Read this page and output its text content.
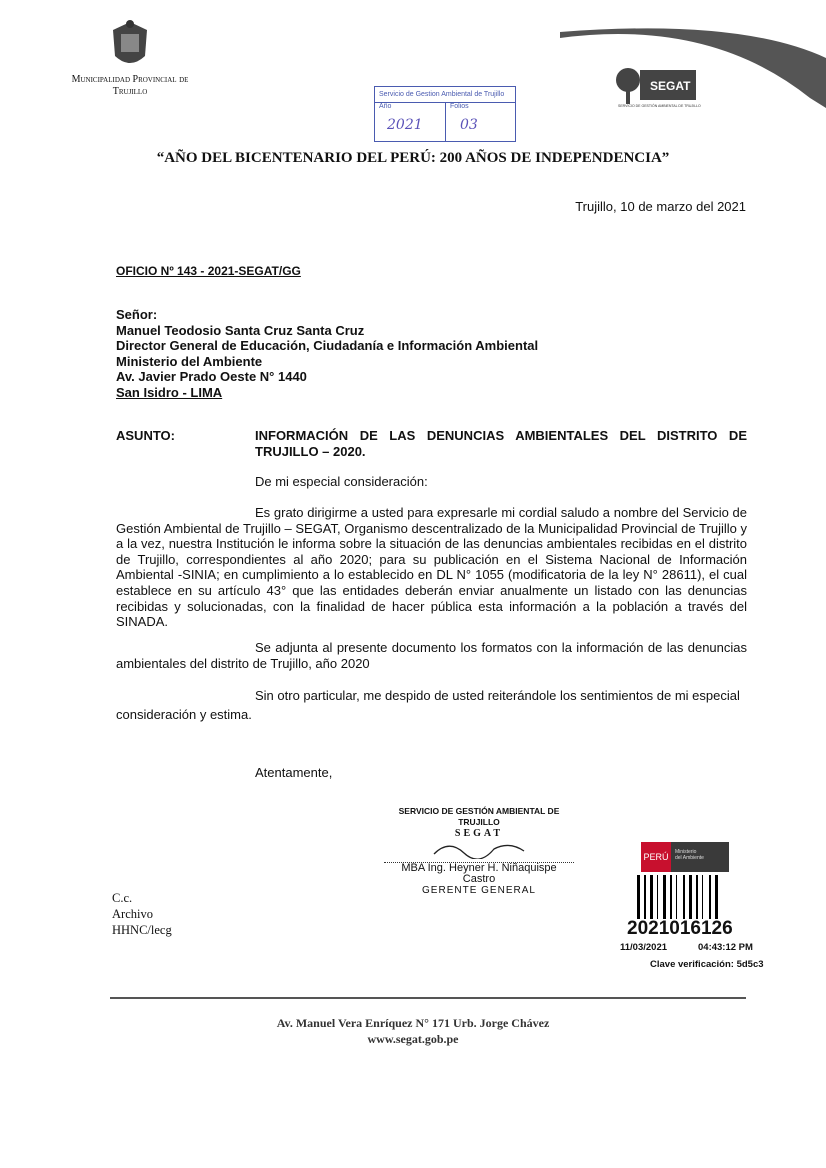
Municipalidad Provincial de Trujillo	Servicio de Gestion Ambiental de Trujillo
Año
2021
Folios
03
SEGAT
SERVICIO DE GESTIÓN AMBIENTAL DE TRUJILLO
“AÑO DEL BICENTENARIO DEL PERÚ: 200 AÑOS DE INDEPENDENCIA”
Trujillo, 10 de marzo del 2021
OFICIO Nº 143 - 2021-SEGAT/GG
Señor:
Manuel Teodosio Santa Cruz Santa Cruz
Director General de Educación, Ciudadanía e Información Ambiental
Ministerio del Ambiente
Av. Javier Prado Oeste N° 1440
San Isidro - LIMA
ASUNTO:	INFORMACIÓN DE LAS DENUNCIAS AMBIENTALES DEL DISTRITO DE TRUJILLO – 2020.
De mi especial consideración:
Es grato dirigirme a usted para expresarle mi cordial saludo a nombre del Servicio de Gestión Ambiental de Trujillo – SEGAT, Organismo descentralizado de la Municipalidad Provincial de Trujillo y a la vez, nuestra Institución le informa sobre la situación de las denuncias ambientales recibidas en el distrito de Trujillo, correspondientes al año 2020; para su publicación en el Sistema Nacional de Información Ambiental -SINIA; en cumplimiento a lo establecido en DL N° 1055 (modificatoria de la ley N° 28611), el cual establece en su artículo 43° que las entidades deberán enviar anualmente un listado con las denuncias recibidas y solucionadas, con la finalidad de hacer pública esta información a la población a través del SINADA.
Se adjunta al presente documento los formatos con la información de las denuncias ambientales del distrito de Trujillo, año 2020
Sin otro particular, me despido de usted reiterándole los sentimientos de mi especial consideración y estima.
Atentamente,
SERVICIO DE GESTIÓN AMBIENTAL DE TRUJILLO
SEGAT
MBA Ing. Heyner H. Niñaquispe Castro
GERENTE GENERAL
C.c.
Archivo
HHNC/lecg
PERÚ	Ministerio
del Ambiente
2021016126
11/03/2021	04:43:12 PM
Clave verificación: 5d5c3
Av. Manuel Vera Enríquez N° 171 Urb. Jorge Chávez
www.segat.gob.pe
